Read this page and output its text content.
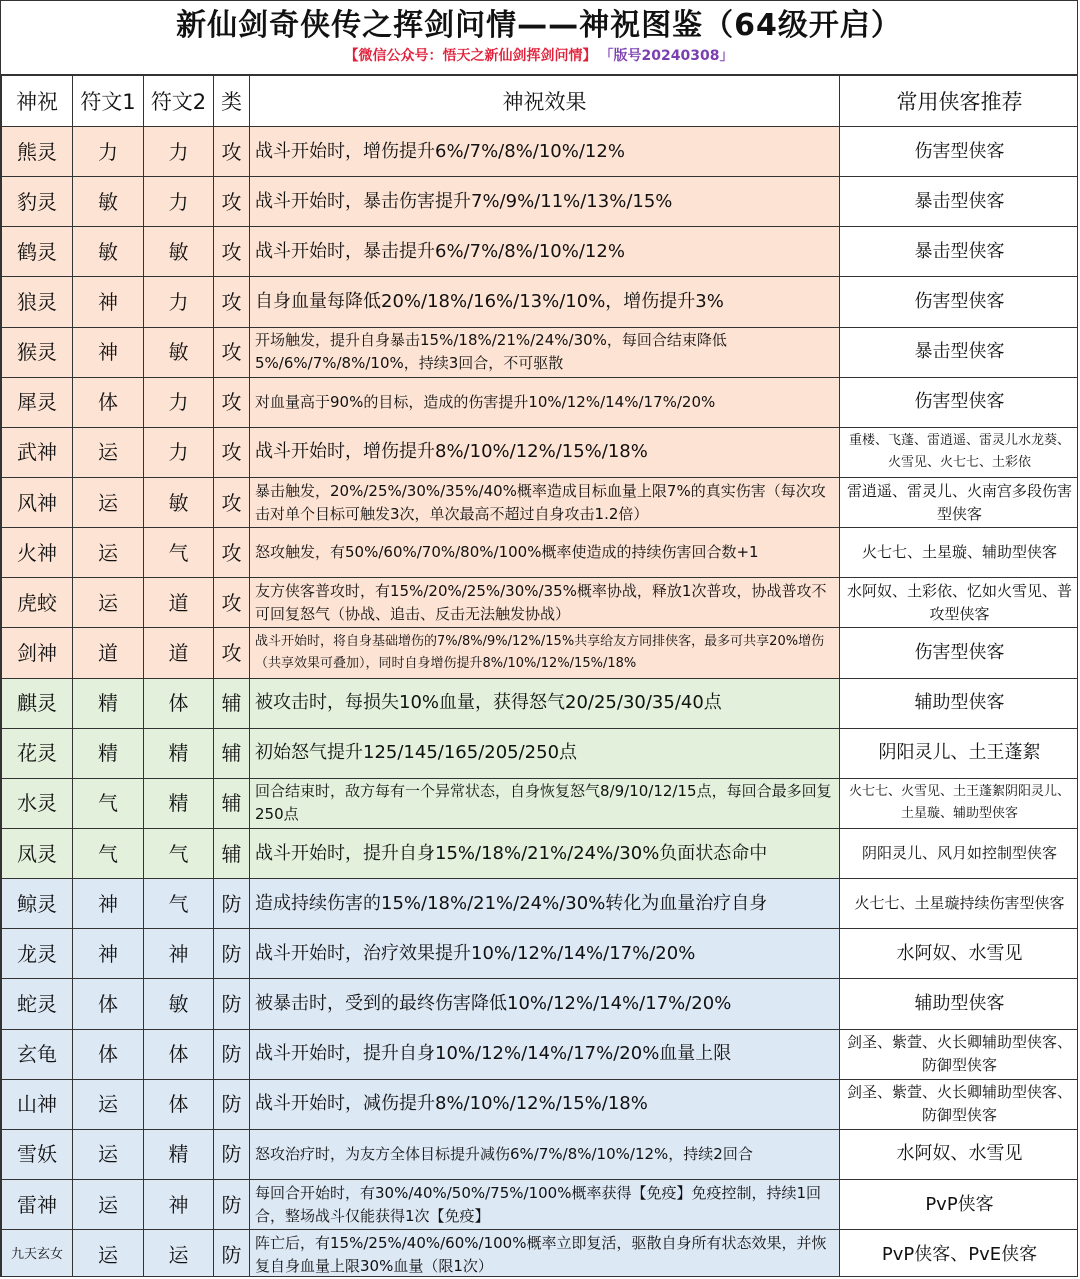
新仙剑奇侠传之挥剑问情——神祝图鉴（64级开启）
【微信公众号：悟天之新仙剑挥剑问情】 「版号20240308」
神祝	符文1	符文2	类	神祝效果	常用侠客推荐
熊灵	力	力	攻	战斗开始时，增伤提升6%/7%/8%/10%/12%	伤害型侠客
豹灵	敏	力	攻	战斗开始时，暴击伤害提升7%/9%/11%/13%/15%	暴击型侠客
鹤灵	敏	敏	攻	战斗开始时，暴击提升6%/7%/8%/10%/12%	暴击型侠客
狼灵	神	力	攻	自身血量每降低20%/18%/16%/13%/10%，增伤提升3%	伤害型侠客
猴灵	神	敏	攻	开场触发，提升自身暴击15%/18%/21%/24%/30%，每回合结束降低5%/6%/7%/8%/10%，持续3回合，不可驱散	暴击型侠客
犀灵	体	力	攻	对血量高于90%的目标，造成的伤害提升10%/12%/14%/17%/20%	伤害型侠客
武神	运	力	攻	战斗开始时，增伤提升8%/10%/12%/15%/18%	重楼、飞蓬、雷逍遥、雷灵儿水龙葵、火雪见、火七七、土彩依
风神	运	敏	攻	暴击触发，20%/25%/30%/35%/40%概率造成目标血量上限7%的真实伤害（每次攻击对单个目标可触发3次，单次最高不超过自身攻击1.2倍）	雷逍遥、雷灵儿、火南宫多段伤害型侠客
火神	运	气	攻	怒攻触发，有50%/60%/70%/80%/100%概率使造成的持续伤害回合数+1	火七七、土星璇、辅助型侠客
虎蛟	运	道	攻	友方侠客普攻时，有15%/20%/25%/30%/35%概率协战，释放1次普攻，协战普攻不可回复怒气（协战、追击、反击无法触发协战）	水阿奴、土彩依、忆如火雪见、普攻型侠客
剑神	道	道	攻	战斗开始时，将自身基础增伤的7%/8%/9%/12%/15%共享给友方同排侠客，最多可共享20%增伤（共享效果可叠加），同时自身增伤提升8%/10%/12%/15%/18%	伤害型侠客
麒灵	精	体	辅	被攻击时，每损失10%血量，获得怒气20/25/30/35/40点	辅助型侠客
花灵	精	精	辅	初始怒气提升125/145/165/205/250点	阴阳灵儿、土王蓬絮
水灵	气	精	辅	回合结束时，敌方每有一个异常状态，自身恢复怒气8/9/10/12/15点，每回合最多回复250点	火七七、火雪见、土王蓬絮阴阳灵儿、土星璇、辅助型侠客
凤灵	气	气	辅	战斗开始时，提升自身15%/18%/21%/24%/30%负面状态命中	阴阳灵儿、风月如控制型侠客
鲸灵	神	气	防	造成持续伤害的15%/18%/21%/24%/30%转化为血量治疗自身	火七七、土星璇持续伤害型侠客
龙灵	神	神	防	战斗开始时，治疗效果提升10%/12%/14%/17%/20%	水阿奴、水雪见
蛇灵	体	敏	防	被暴击时，受到的最终伤害降低10%/12%/14%/17%/20%	辅助型侠客
玄龟	体	体	防	战斗开始时，提升自身10%/12%/14%/17%/20%血量上限	剑圣、紫萱、火长卿辅助型侠客、防御型侠客
山神	运	体	防	战斗开始时，减伤提升8%/10%/12%/15%/18%	剑圣、紫萱、火长卿辅助型侠客、防御型侠客
雪妖	运	精	防	怒攻治疗时，为友方全体目标提升减伤6%/7%/8%/10%/12%，持续2回合	水阿奴、水雪见
雷神	运	神	防	每回合开始时，有30%/40%/50%/75%/100%概率获得【免疫】免疫控制，持续1回合，整场战斗仅能获得1次【免疫】	PvP侠客
九天玄女	运	运	防	阵亡后，有15%/25%/40%/60%/100%概率立即复活，驱散自身所有状态效果，并恢复自身血量上限30%血量（限1次）	PvP侠客、PvE侠客
